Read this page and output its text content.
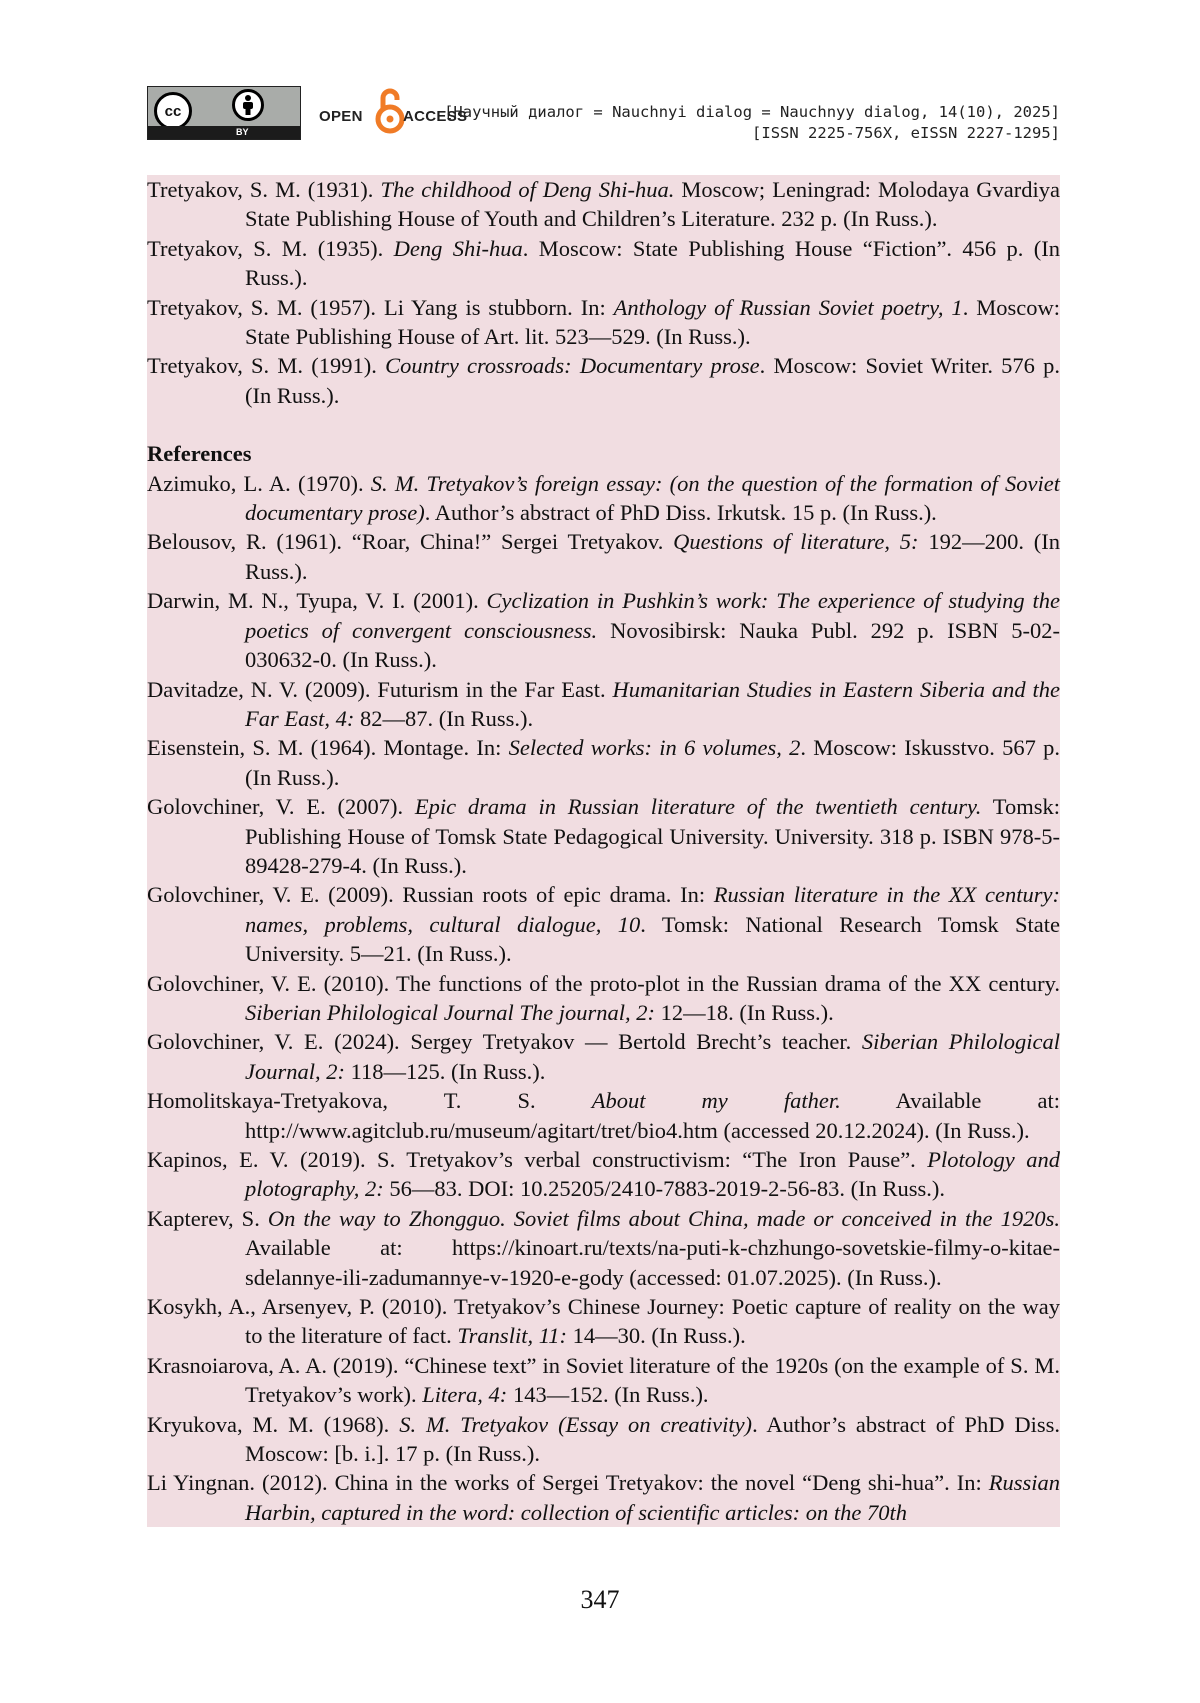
cc
BY
OPEN	ACCESS
[Научный диалог = Nauchnyi dialog = Nauchnyy dialog, 14(10), 2025]
[ISSN 2225-756X, eISSN 2227-1295]
Tretyakov, S. M. (1931). The childhood of Deng Shi-hua. Moscow; Leningrad: Molodaya Gvardiya State Publishing House of Youth and Children’s Literature. 232 p. (In Russ.).
Tretyakov, S. M. (1935). Deng Shi-hua. Moscow: State Publishing House “Fiction”. 456 p. (In Russ.).
Tretyakov, S. M. (1957). Li Yang is stubborn. In: Anthology of Russian Soviet poetry, 1. Moscow: State Publishing House of Art. lit. 523—529. (In Russ.).
Tretyakov, S. M. (1991). Country crossroads: Documentary prose. Moscow: Soviet Writer. 576 p. (In Russ.).
References
Azimuko, L. A. (1970). S. M. Tretyakov’s foreign essay: (on the question of the formation of Soviet documentary prose). Author’s abstract of PhD Diss. Irkutsk. 15 p. (In Russ.).
Belousov, R. (1961). “Roar, China!” Sergei Tretyakov. Questions of literature, 5: 192—200. (In Russ.).
Darwin, M. N., Tyupa, V. I. (2001). Cyclization in Pushkin’s work: The experience of studying the poetics of convergent consciousness. Novosibirsk: Nauka Publ. 292 p. ISBN 5-02-030632-0. (In Russ.).
Davitadze, N. V. (2009). Futurism in the Far East. Humanitarian Studies in Eastern Siberia and the Far East, 4: 82—87. (In Russ.).
Eisenstein, S. M. (1964). Montage. In: Selected works: in 6 volumes, 2. Moscow: Iskusstvo. 567 p. (In Russ.).
Golovchiner, V. E. (2007). Epic drama in Russian literature of the twentieth century. Tomsk: Publishing House of Tomsk State Pedagogical University. University. 318 p. ISBN 978-5-89428-279-4. (In Russ.).
Golovchiner, V. E. (2009). Russian roots of epic drama. In: Russian literature in the XX century: names, problems, cultural dialogue, 10. Tomsk: National Research Tomsk State University. 5—21. (In Russ.).
Golovchiner, V. E. (2010). The functions of the proto-plot in the Russian drama of the XX century. Siberian Philological Journal The journal, 2: 12—18. (In Russ.).
Golovchiner, V. E. (2024). Sergey Tretyakov — Bertold Brecht’s teacher. Siberian Philological Journal, 2: 118—125. (In Russ.).
Homolitskaya-Tretyakova, T. S. About my father. Available at: http://www.agitclub.ru/museum/agitart/tret/bio4.htm (accessed 20.12.2024). (In Russ.).
Kapinos, E. V. (2019). S. Tretyakov’s verbal constructivism: “The Iron Pause”. Plotology and plotography, 2: 56—83. DOI: 10.25205/2410-7883-2019-2-56-83. (In Russ.).
Kapterev, S. On the way to Zhongguo. Soviet films about China, made or conceived in the 1920s. Available at: https://kinoart.ru/texts/na-puti-k-chzhungo-sovetskie-filmy-o-kitae-sdelannye-ili-zadumannye-v-1920-e-gody (accessed: 01.07.2025). (In Russ.).
Kosykh, A., Arsenyev, P. (2010). Tretyakov’s Chinese Journey: Poetic capture of reality on the way to the literature of fact. Translit, 11: 14—30. (In Russ.).
Krasnoiarova, A. A. (2019). “Chinese text” in Soviet literature of the 1920s (on the example of S. M. Tretyakov’s work). Litera, 4: 143—152. (In Russ.).
Kryukova, M. M. (1968). S. M. Tretyakov (Essay on creativity). Author’s abstract of PhD Diss. Moscow: [b. i.]. 17 p. (In Russ.).
Li Yingnan. (2012). China in the works of Sergei Tretyakov: the novel “Deng shi-hua”. In: Russian Harbin, captured in the word: collection of scientific articles: on the 70th
347
